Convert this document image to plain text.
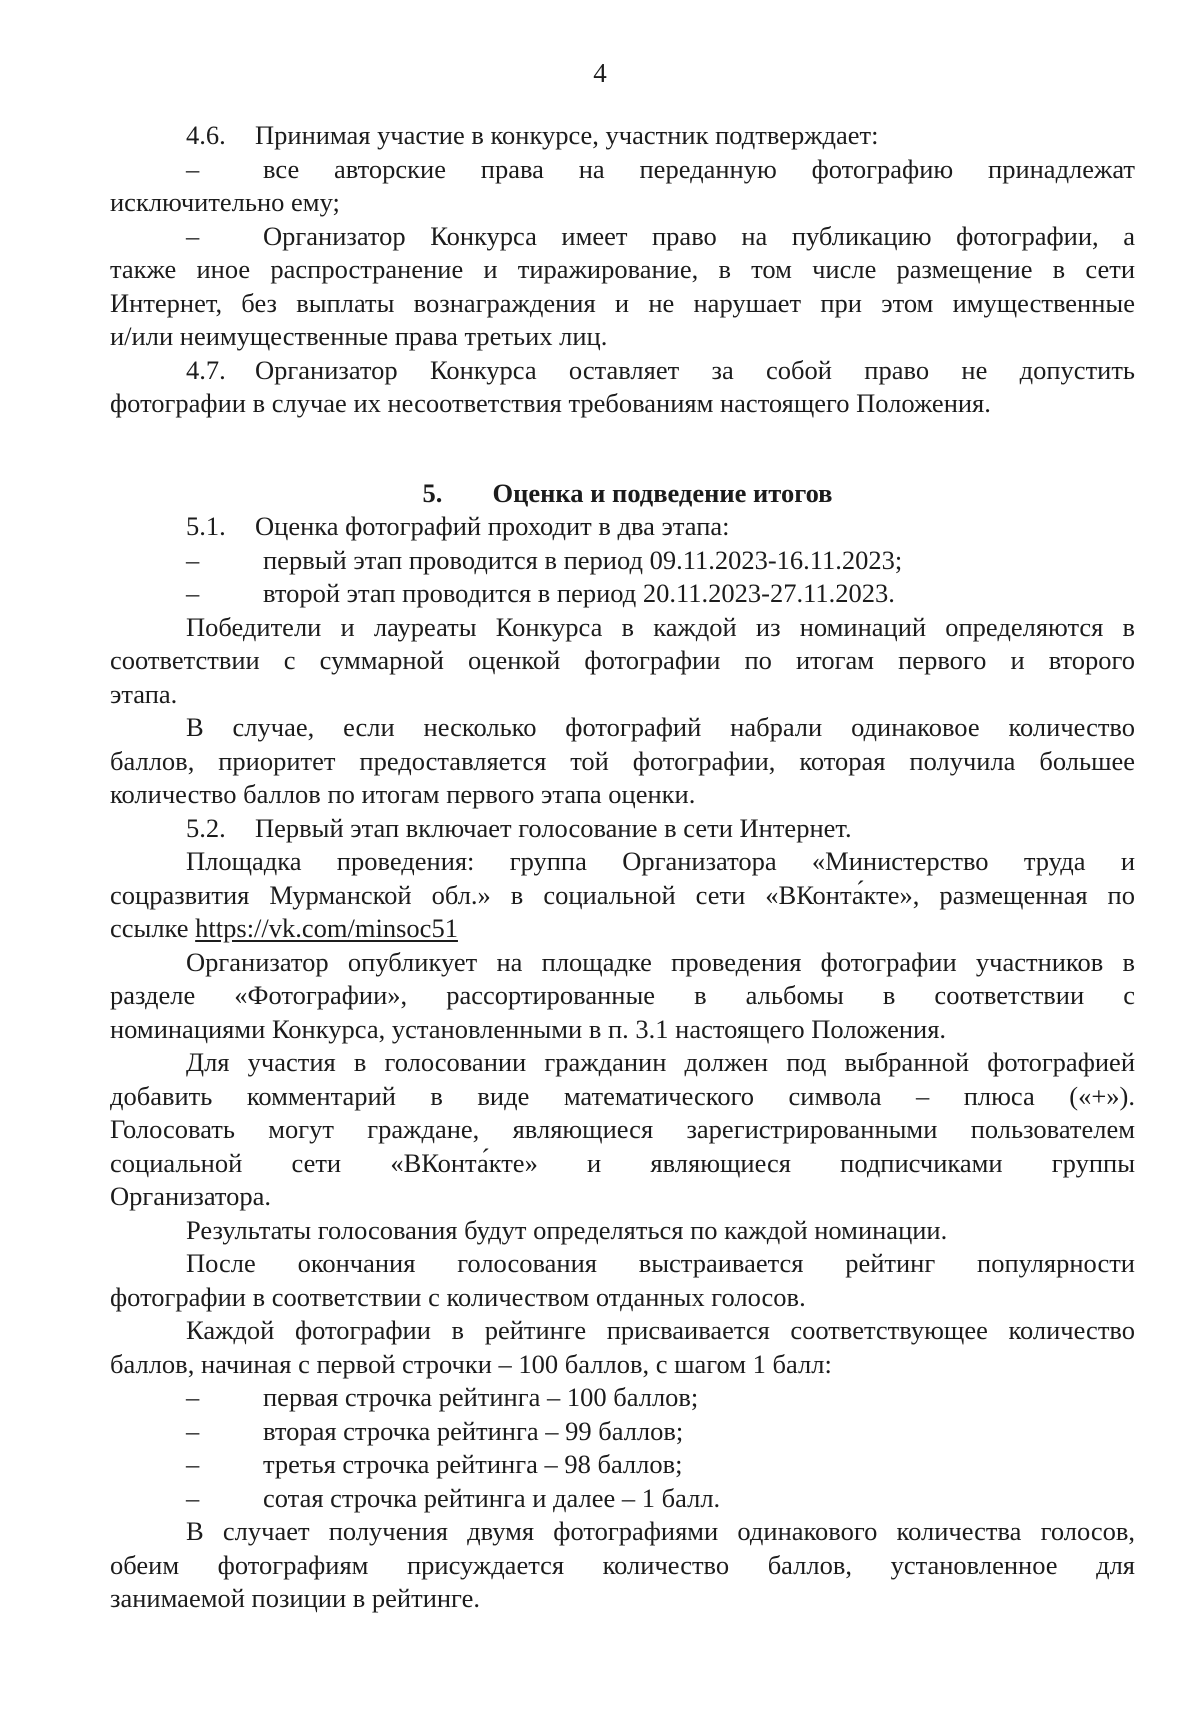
4
4.6. Принимая участие в конкурсе, участник подтверждает:
– все авторские права на переданную фотографию принадлежат
исключительно ему;
– Организатор Конкурса имеет право на публикацию фотографии, а
также иное распространение и тиражирование, в том числе размещение в сети
Интернет, без выплаты вознаграждения и не нарушает при этом имущественные
и/или неимущественные права третьих лиц.
4.7. Организатор Конкурса оставляет за собой право не допустить
фотографии в случае их несоответствия требованиям настоящего Положения.
5. Оценка и подведение итогов
5.1. Оценка фотографий проходит в два этапа:
– первый этап проводится в период 09.11.2023-16.11.2023;
– второй этап проводится в период 20.11.2023-27.11.2023.
Победители и лауреаты Конкурса в каждой из номинаций определяются в
соответствии с суммарной оценкой фотографии по итогам первого и второго
этапа.
В случае, если несколько фотографий набрали одинаковое количество
баллов, приоритет предоставляется той фотографии, которая получила большее
количество баллов по итогам первого этапа оценки.
5.2. Первый этап включает голосование в сети Интернет.
Площадка проведения: группа Организатора «Министерство труда и
соцразвития Мурманской обл.» в социальной сети «ВКонта́кте», размещенная по
ссылке https://vk.com/minsoc51
Организатор опубликует на площадке проведения фотографии участников в
разделе «Фотографии», рассортированные в альбомы в соответствии с
номинациями Конкурса, установленными в п. 3.1 настоящего Положения.
Для участия в голосовании гражданин должен под выбранной фотографией
добавить комментарий в виде математического символа – плюса («+»).
Голосовать могут граждане, являющиеся зарегистрированными пользователем
социальной сети «ВКонта́кте» и являющиеся подписчиками группы
Организатора.
Результаты голосования будут определяться по каждой номинации.
После окончания голосования выстраивается рейтинг популярности
фотографии в соответствии с количеством отданных голосов.
Каждой фотографии в рейтинге присваивается соответствующее количество
баллов, начиная с первой строчки – 100 баллов, с шагом 1 балл:
– первая строчка рейтинга – 100 баллов;
– вторая строчка рейтинга – 99 баллов;
– третья строчка рейтинга – 98 баллов;
– сотая строчка рейтинга и далее – 1 балл.
В случает получения двумя фотографиями одинакового количества голосов,
обеим фотографиям присуждается количество баллов, установленное для
занимаемой позиции в рейтинге.
